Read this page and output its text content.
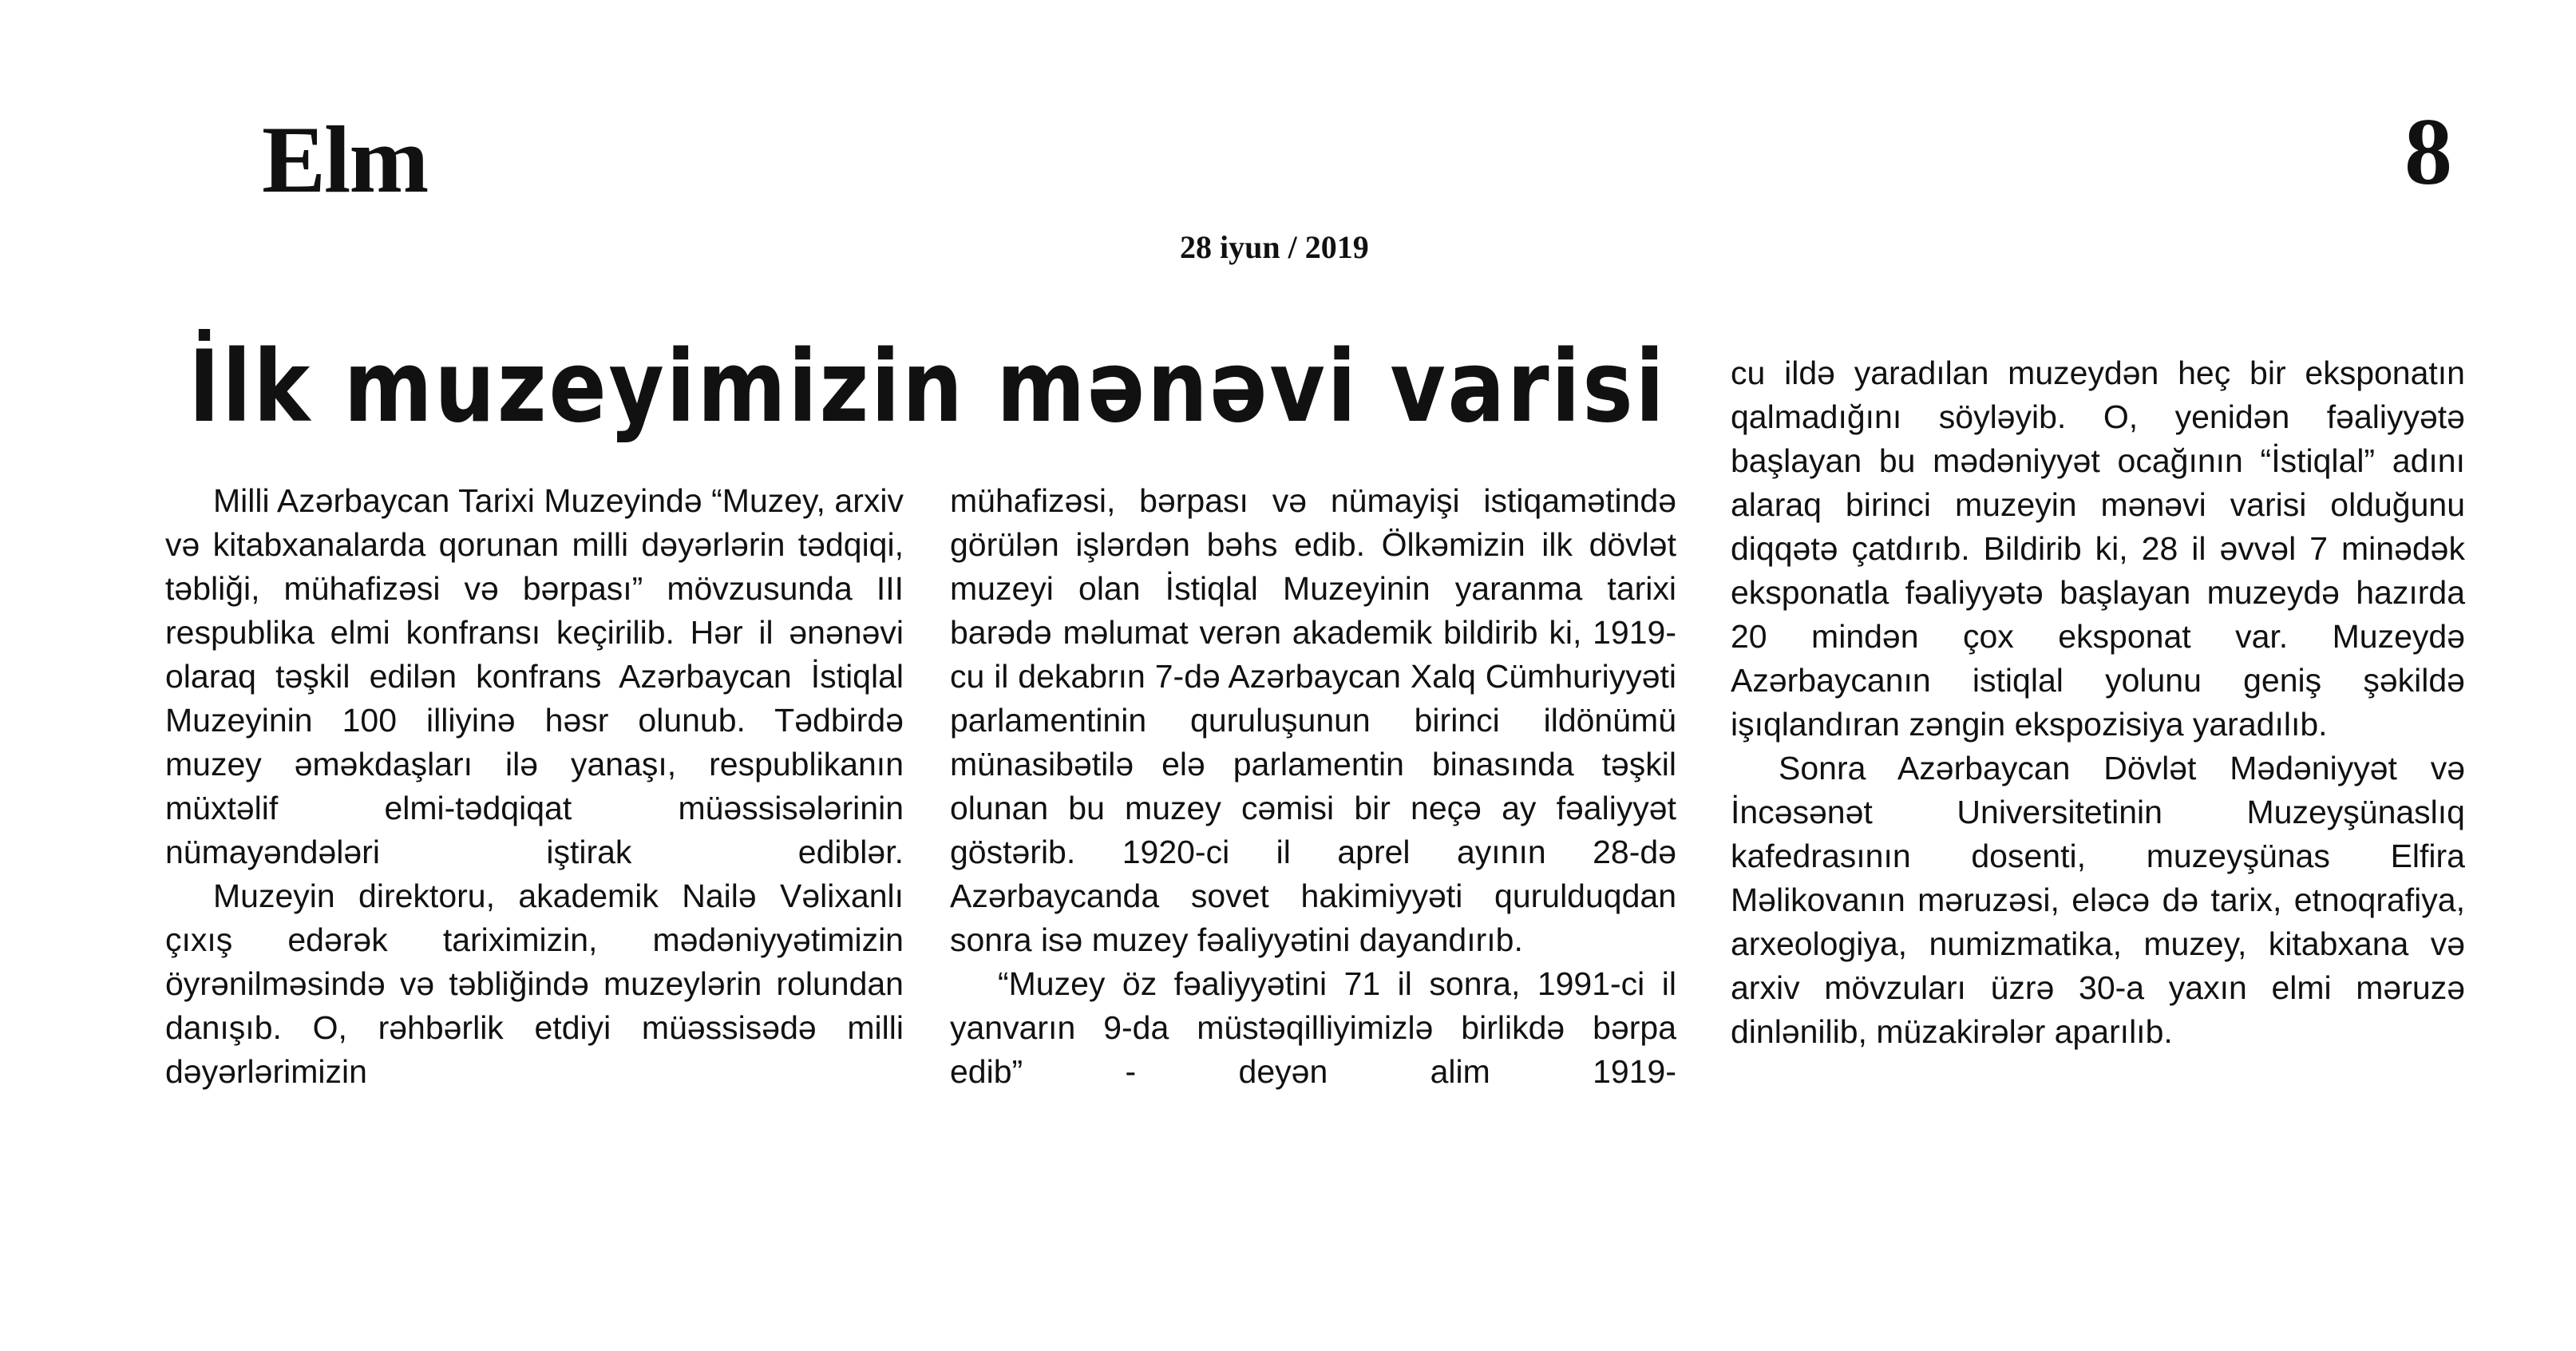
Elm	8
28 iyun / 2019
İlk muzeyimizin mənəvi varisi

Milli Azərbaycan Tarixi Muzeyində “Muzey, arxiv və kitabxanalarda qorunan milli dəyərlərin tədqiqi, təbliği, mühafizəsi və bərpası” mövzusunda III respublika elmi konfransı keçirilib. Hər il ənənəvi olaraq təşkil edilən konfrans Azərbaycan İstiqlal Muzeyinin 100 illiyinə həsr olunub. Tədbirdə muzey əməkdaşları ilə yanaşı, respublikanın müxtəlif elmi-tədqiqat müəssisələrinin nümayəndələri iştirak ediblər.

Muzeyin direktoru, akademik Nailə Vəlixanlı çıxış edərək tariximizin, mədəniyyətimizin öyrənilməsində və təbliğində muzeylərin rolundan danışıb. O, rəhbərlik etdiyi müəssisədə milli dəyərlərimizin

mühafizəsi, bərpası və nümayişi istiqamətində görülən işlərdən bəhs edib. Ölkəmizin ilk dövlət muzeyi olan İstiqlal Muzeyinin yaranma tarixi barədə məlumat verən akademik bildirib ki, 1919-cu il dekabrın 7-də Azərbaycan Xalq Cümhuriyyəti parlamentinin quruluşunun birinci ildönümü münasibətilə elə parlamentin binasında təşkil olunan bu muzey cəmisi bir neçə ay fəaliyyət göstərib. 1920-ci il aprel ayının 28-də Azərbaycanda sovet hakimiyyəti qurulduqdan sonra isə muzey fəaliyyətini dayandırıb.

“Muzey öz fəaliyyətini 71 il sonra, 1991-ci il yanvarın 9-da müstəqilliyimizlə birlikdə bərpa edib” - deyən alim 1919-

cu ildə yaradılan muzeydən heç bir eksponatın qalmadığını söyləyib. O, yenidən fəaliyyətə başlayan bu mədəniyyət ocağının “İstiqlal” adını alaraq birinci muzeyin mənəvi varisi olduğunu diqqətə çatdırıb. Bildirib ki, 28 il əvvəl 7 minədək eksponatla fəaliyyətə başlayan muzeydə hazırda 20 mindən çox eksponat var. Muzeydə Azərbaycanın istiqlal yolunu geniş şəkildə işıqlandıran zəngin ekspozisiya yaradılıb.

Sonra Azərbaycan Dövlət Mədəniyyət və İncəsənət Universitetinin Muzeyşünaslıq kafedrasının dosenti, muzeyşünas Elfira Məlikovanın məruzəsi, eləcə də tarix, etnoqrafiya, arxeologiya, numizmatika, muzey, kitabxana və arxiv mövzuları üzrə 30-a yaxın elmi məruzə dinlənilib, müzakirələr aparılıb.
